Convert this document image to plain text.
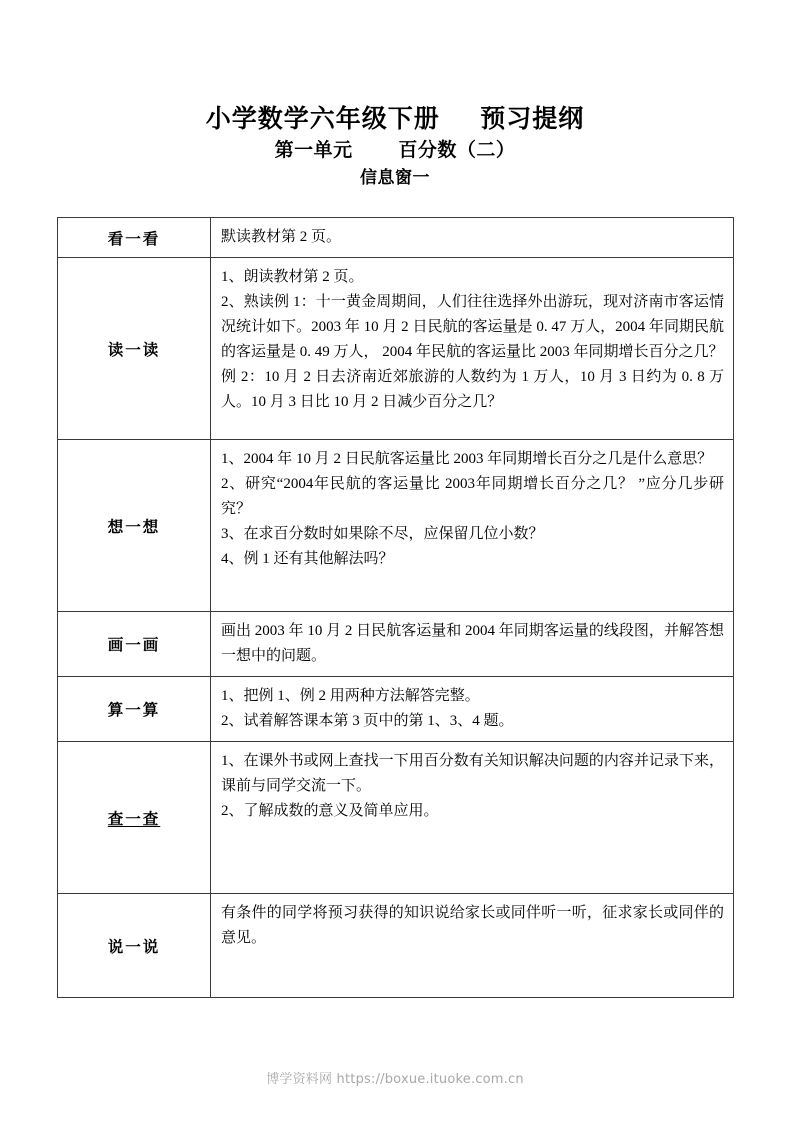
小学数学六年级下册　  预习提纲
第一单元　     百分数（二）
信息窗一
看一看	默读教材第 2 页。

读一读	1、朗读教材第 2 页。

2、熟读例 1：十一黄金周期间，人们往往选择外出游玩，现对济南市客运情况统计如下。2003 年 10 月 2 日民航的客运量是 0. 47 万人，2004 年同期民航的客运量是 0. 49 万人， 2004 年民航的客运量比 2003 年同期增长百分之几？

例 2：10 月 2 日去济南近郊旅游的人数约为 1 万人，10 月 3 日约为 0. 8 万人。10 月 3 日比 10 月 2 日减少百分之几？

想一想	1、2004 年 10 月 2 日民航客运量比 2003 年同期增长百分之几是什么意思？

2、研究“2004年民航的客运量比 2003年同期增长百分之几？ ”应分几步研究？

3、在求百分数时如果除不尽，应保留几位小数？

4、例 1 还有其他解法吗？

画一画	画出 2003 年 10 月 2 日民航客运量和 2004 年同期客运量的线段图，并解答想一想中的问题。

算一算	1、把例 1、例 2 用两种方法解答完整。

2、试着解答课本第 3 页中的第 1、3、4 题。

查一查	1、在课外书或网上查找一下用百分数有关知识解决问题的内容并记录下来，课前与同学交流一下。

2、了解成数的意义及简单应用。

说一说	有条件的同学将预习获得的知识说给家长或同伴听一听，征求家长或同伴的意见。

博学资料网 https://boxue.ituoke.com.cn
